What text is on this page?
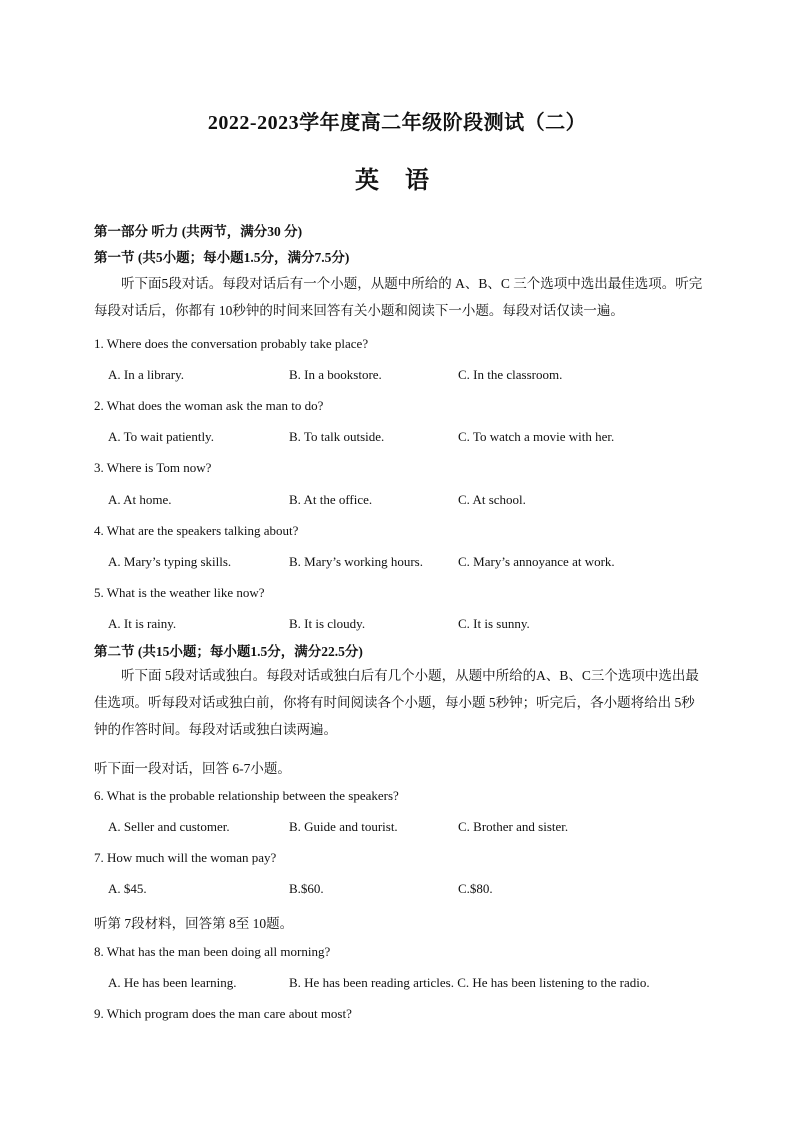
2022-2023学年度高二年级阶段测试（二）
英 语
第一部分 听力 (共两节，满分30 分)
第一节 (共5小题；每小题1.5分，满分7.5分)
听下面5段对话。每段对话后有一个小题，从题中所给的 A、B、C 三个选项中选出最佳选项。听完每段对话后，你都有 10秒钟的时间来回答有关小题和阅读下一小题。每段对话仅读一遍。
1. Where does the conversation probably take place?
A. In a library.	B. In a bookstore.	C. In the classroom.
2. What does the woman ask the man to do?
A. To wait patiently.	B. To talk outside.	C. To watch a movie with her.
3. Where is Tom now?
A. At home.	B. At the office.	C. At school.
4. What are the speakers talking about?
A. Mary’s typing skills.	B. Mary’s working hours.	C. Mary’s annoyance at work.
5. What is the weather like now?
A. It is rainy.	B. It is cloudy.	C. It is sunny.
第二节 (共15小题；每小题1.5分，满分22.5分)
听下面 5段对话或独白。每段对话或独白后有几个小题，从题中所给的A、B、C三个选项中选出最佳选项。听每段对话或独白前，你将有时间阅读各个小题，每小题 5秒钟；听完后，各小题将给出 5秒钟的作答时间。每段对话或独白读两遍。
听下面一段对话，回答 6-7小题。
6. What is the probable relationship between the speakers?
A. Seller and customer.	B. Guide and tourist.	C. Brother and sister.
7. How much will the woman pay?
A. $45.	B.$60.	C.$80.
听第 7段材料，回答第 8至 10题。
8. What has the man been doing all morning?
A. He has been learning.	B. He has been reading articles. C. He has been listening to the radio.
9. Which program does the man care about most?
